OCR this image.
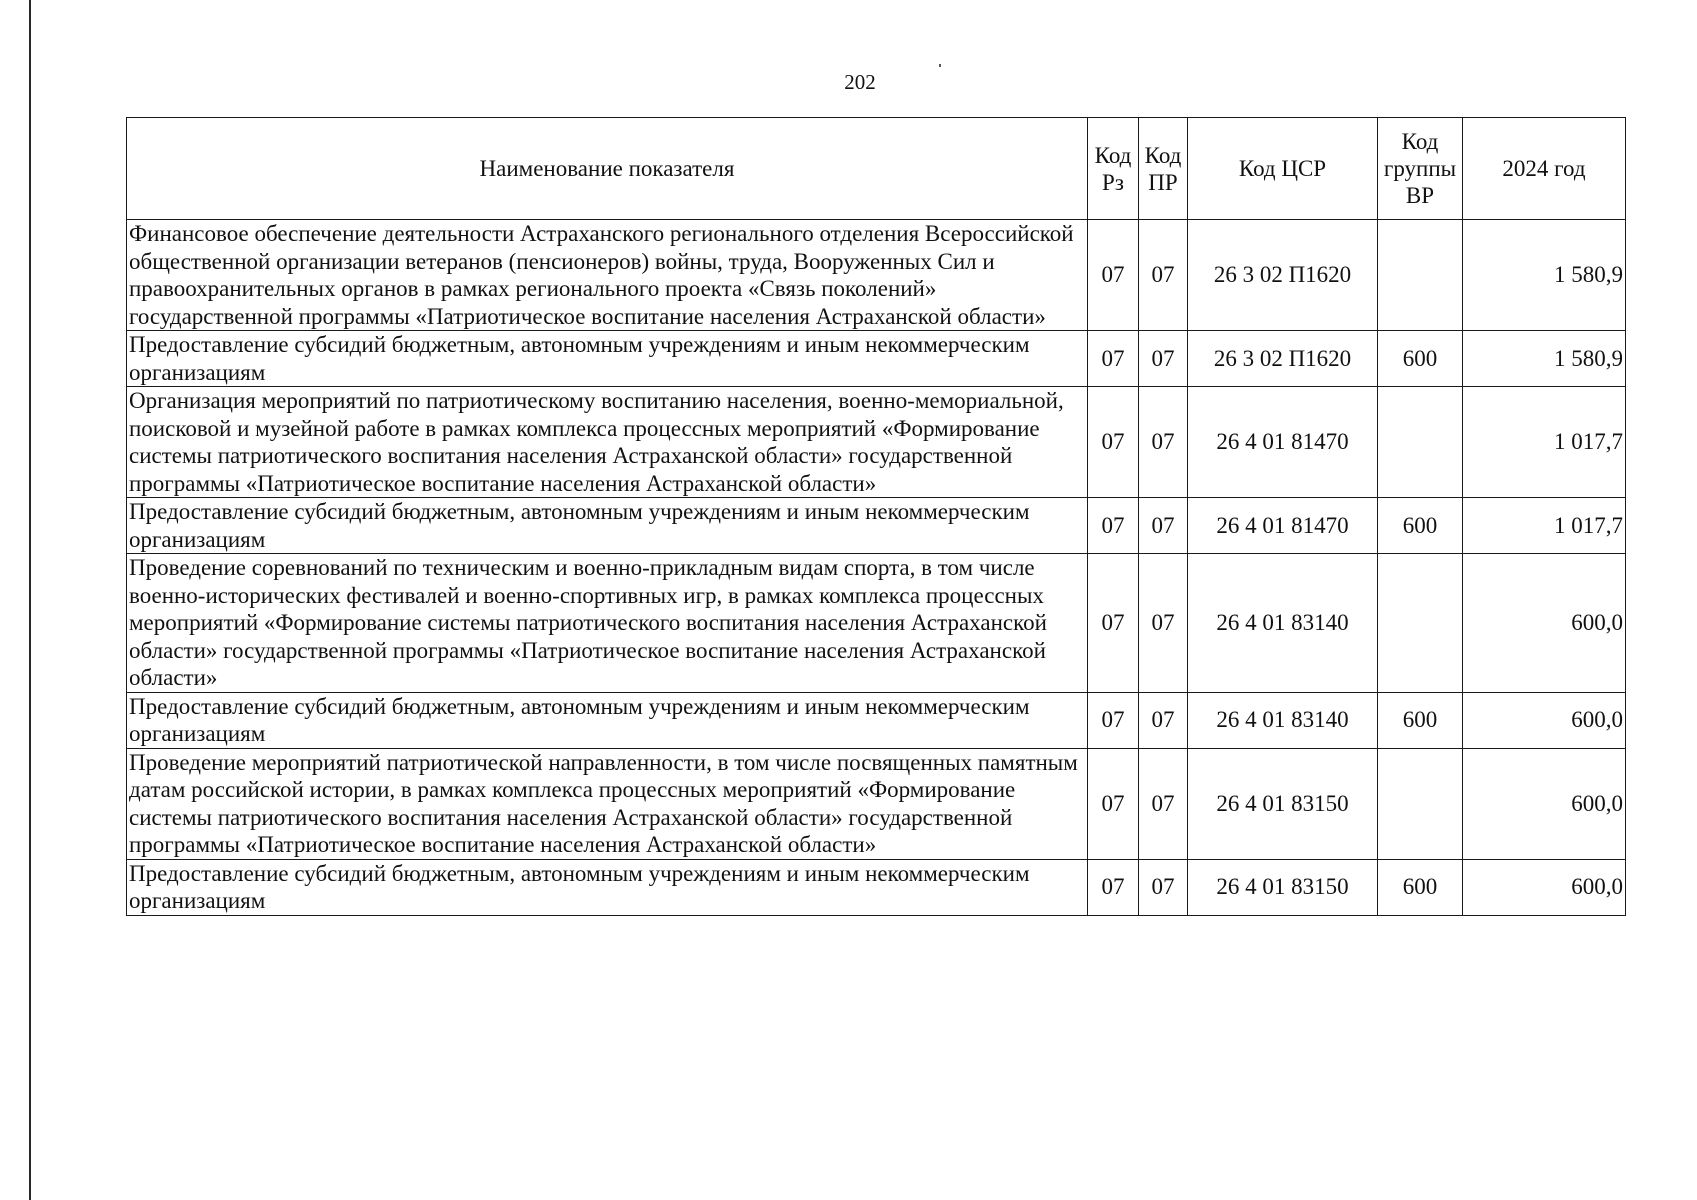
202
Наименование показателя	Код Рз	Код ПР	Код ЦСР	Код группы ВР	2024 год
Финансовое обеспечение деятельности Астраханского регионального отделения Всероссийской общественной организации ветеранов (пенсионеров) войны, труда, Вооруженных Сил и правоохранительных органов в рамках регионального проекта «Связь поколений» государственной программы «Патриотическое воспитание населения Астраханской области»	07	07	26 3 02 П1620		1 580,9
Предоставление субсидий бюджетным, автономным учреждениям и иным некоммерческим организациям	07	07	26 3 02 П1620	600	1 580,9
Организация мероприятий по патриотическому воспитанию населения, военно-мемориальной, поисковой и музейной работе в рамках комплекса процессных мероприятий «Формирование системы патриотического воспитания населения Астраханской области» государственной программы «Патриотическое воспитание населения Астраханской области»	07	07	26 4 01 81470		1 017,7
Предоставление субсидий бюджетным, автономным учреждениям и иным некоммерческим организациям	07	07	26 4 01 81470	600	1 017,7
Проведение соревнований по техническим и военно-прикладным видам спорта, в том числе военно-исторических фестивалей и военно-спортивных игр, в рамках комплекса процессных мероприятий «Формирование системы патриотического воспитания населения Астраханской области» государственной программы «Патриотическое воспитание населения Астраханской области»	07	07	26 4 01 83140		600,0
Предоставление субсидий бюджетным, автономным учреждениям и иным некоммерческим организациям	07	07	26 4 01 83140	600	600,0
Проведение мероприятий патриотической направленности, в том числе посвященных памятным датам российской истории, в рамках комплекса процессных мероприятий «Формирование системы патриотического воспитания населения Астраханской области» государственной программы «Патриотическое воспитание населения Астраханской области»	07	07	26 4 01 83150		600,0
Предоставление субсидий бюджетным, автономным учреждениям и иным некоммерческим организациям	07	07	26 4 01 83150	600	600,0
